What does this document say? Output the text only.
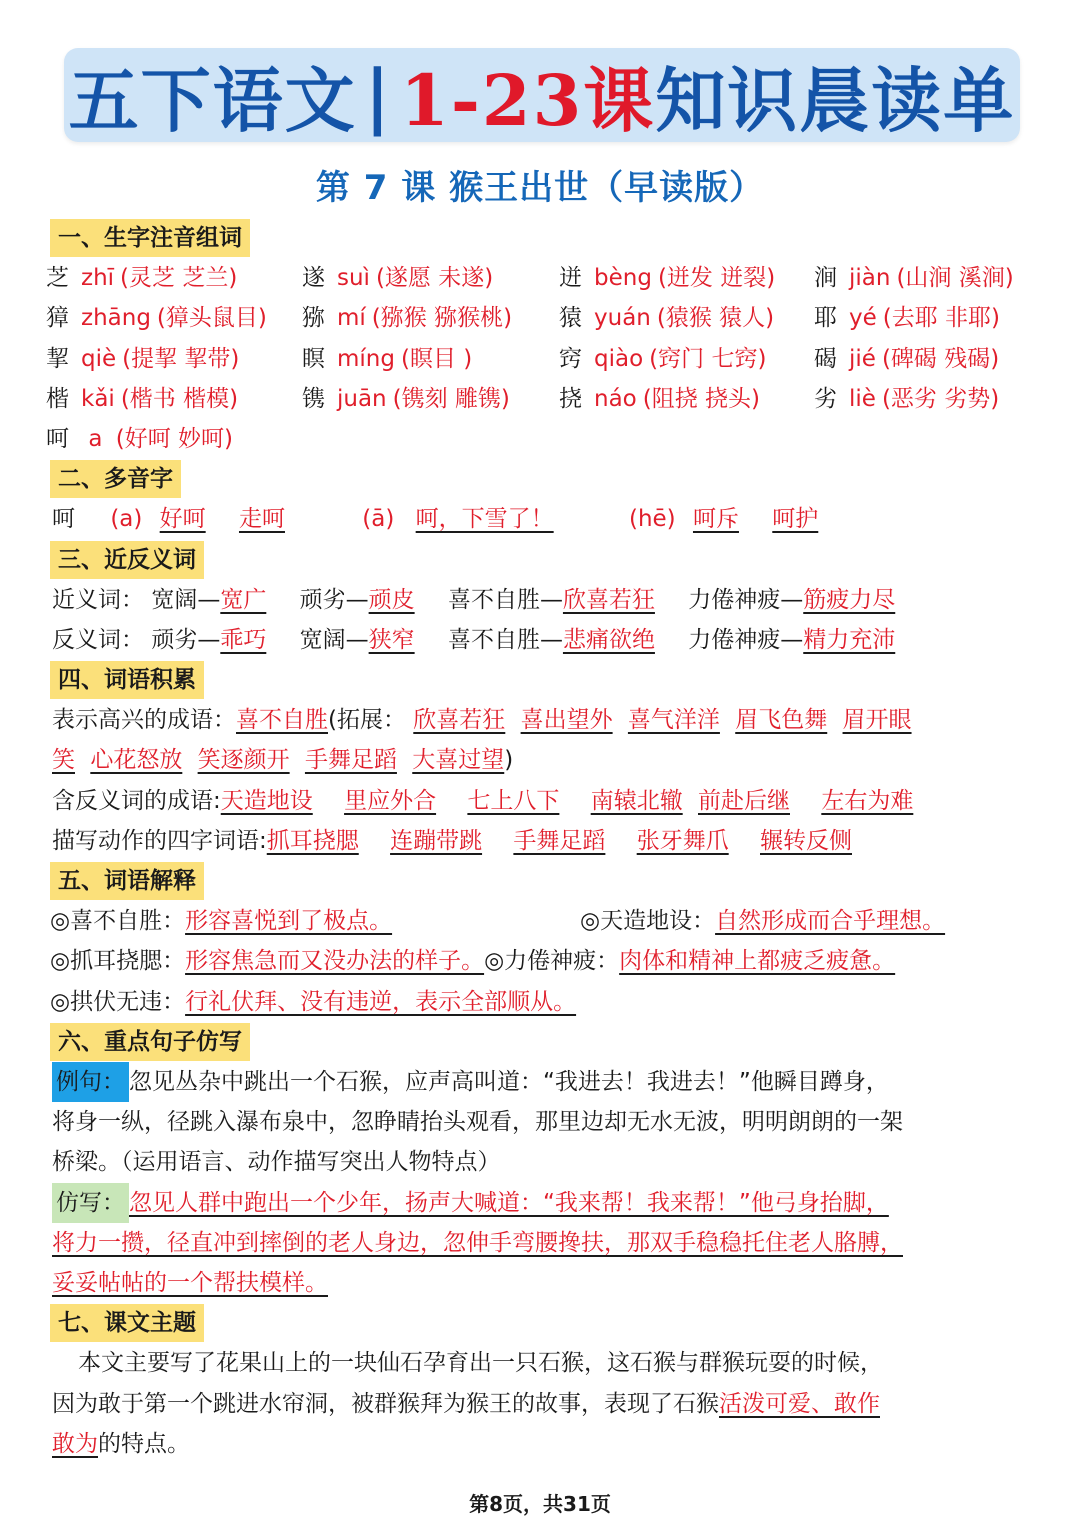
五下语文 | 1-23课 知识晨读单
第 7 课 猴王出世（早读版）
一、生字注音组词
芝 zhī (灵芝 芝兰)	遂 suì (遂愿 未遂)	迸 bèng (迸发 迸裂) 涧 jiàn (山涧 溪涧)
獐 zhāng (獐头鼠目) 猕 mí (猕猴 猕猴桃) 猿 yuán (猿猴 猿人) 耶 yé (去耶 非耶)
挈 qiè (提挈 挈带)	瞑 míng (瞑目 )	窍 qiào (窍门 七窍) 碣 jié (碑碣 残碣)
楷 kǎi (楷书 楷模)	镌 juān (镌刻 雕镌) 挠 náo (阻挠 挠头) 劣 liè (恶劣 劣势)
呵 a (好呵 妙呵)
二、多音字
呵 (a) 好呵 走呵	(ā) 呵，下雪了！	(hē) 呵斥 呵护
三、近反义词
近义词： 宽阔—宽广 顽劣—顽皮 喜不自胜—欣喜若狂 力倦神疲—筋疲力尽
反义词： 顽劣—乖巧 宽阔—狭窄 喜不自胜—悲痛欲绝 力倦神疲—精力充沛
四、词语积累
表示高兴的成语：喜不自胜(拓展： 欣喜若狂 喜出望外 喜气洋洋 眉飞色舞 眉开眼
笑 心花怒放 笑逐颜开 手舞足蹈 大喜过望)
含反义词的成语:天造地设 里应外合 七上八下 南辕北辙 前赴后继 左右为难
描写动作的四字词语:抓耳挠腮 连蹦带跳 手舞足蹈 张牙舞爪 辗转反侧
五、词语解释
◎喜不自胜：形容喜悦到了极点。	◎天造地设：自然形成而合乎理想。
◎抓耳挠腮：形容焦急而又没办法的样子。◎力倦神疲：肉体和精神上都疲乏疲惫。
◎拱伏无违：行礼伏拜、没有违逆，表示全部顺从。
六、重点句子仿写
例句： 忽见丛杂中跳出一个石猴，应声高叫道：“我进去！我进去！”他瞬目蹲身，
将身一纵，径跳入瀑布泉中，忽睁睛抬头观看，那里边却无水无波，明明朗朗的一架
桥梁。（运用语言、动作描写突出人物特点）
仿写： 忽见人群中跑出一个少年，扬声大喊道：“我来帮！我来帮！”他弓身抬脚，
将力一攒，径直冲到摔倒的老人身边，忽伸手弯腰搀扶，那双手稳稳托住老人胳膊，
妥妥帖帖的一个帮扶模样。
七、课文主题
本文主要写了花果山上的一块仙石孕育出一只石猴，这石猴与群猴玩耍的时候，
因为敢于第一个跳进水帘洞，被群猴拜为猴王的故事，表现了石猴活泼可爱、敢作
敢为的特点。
第8页，共31页
